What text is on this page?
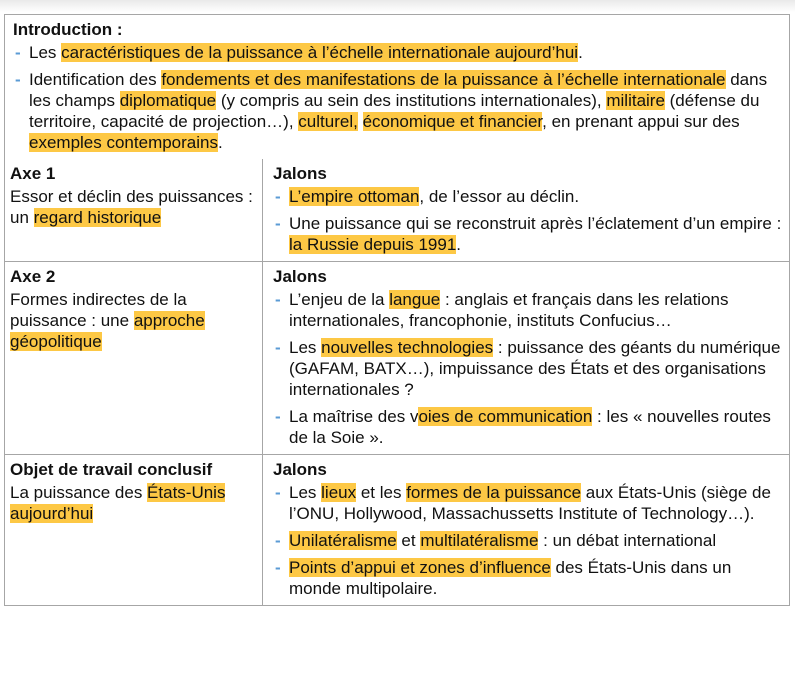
Introduction :
- Les caractéristiques de la puissance à l’échelle internationale aujourd’hui.
- Identification des fondements et des manifestations de la puissance à l’échelle internationale dans les champs diplomatique (y compris au sein des institutions internationales), militaire (défense du territoire, capacité de projection…), culturel, économique et financier, en prenant appui sur des exemples contemporains.
Axe 1
Essor et déclin des puissances : un regard historique
Jalons
- L’empire ottoman, de l’essor au déclin.
- Une puissance qui se reconstruit après l’éclatement d’un empire : la Russie depuis 1991.
Axe 2
Formes indirectes de la puissance : une approche géopolitique
Jalons
- L’enjeu de la langue : anglais et français dans les relations internationales, francophonie, instituts Confucius…
- Les nouvelles technologies : puissance des géants du numérique (GAFAM, BATX…), impuissance des États et des organisations internationales ?
- La maîtrise des voies de communication : les « nouvelles routes de la Soie ».
Objet de travail conclusif
La puissance des États-Unis aujourd’hui
Jalons
- Les lieux et les formes de la puissance aux États-Unis (siège de l’ONU, Hollywood, Massachussetts Institute of Technology…).
- Unilatéralisme et multilatéralisme : un débat international
- Points d’appui et zones d’influence des États-Unis dans un monde multipolaire.
